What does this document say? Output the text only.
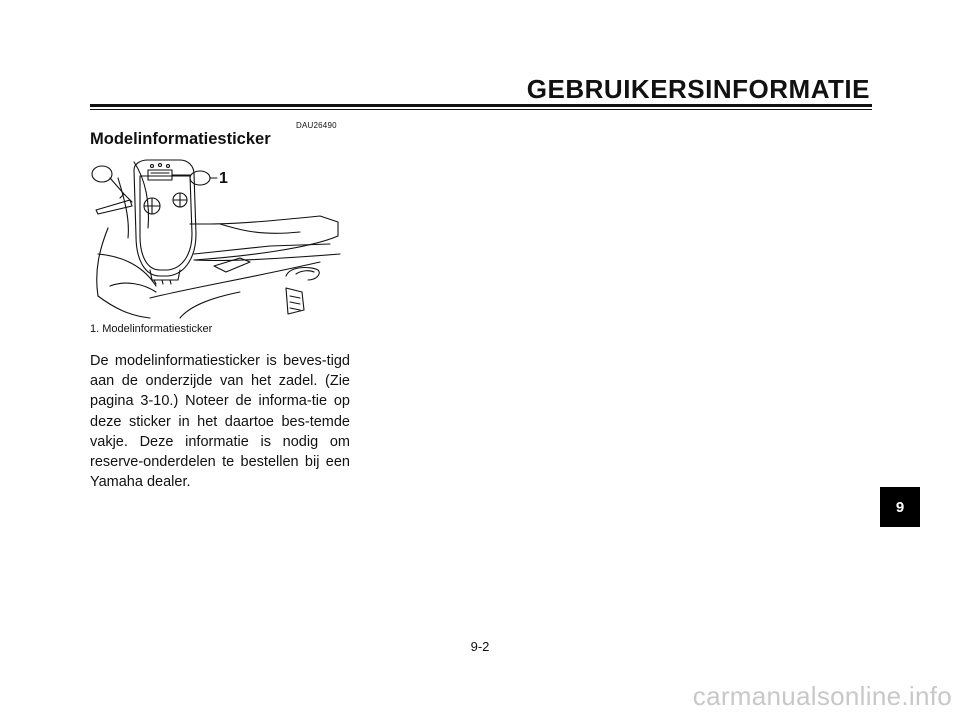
GEBRUIKERSINFORMATIE
DAU26490
Modelinformatiesticker
1
1. Modelinformatiesticker

De modelinformatiesticker is beves-tigd aan de onderzijde van het zadel. (Zie pagina 3-10.) Noteer de informa-tie op deze sticker in het daartoe bes-temde vakje. Deze informatie is nodig om reserve-onderdelen te bestellen bij een Yamaha dealer.

9
9-2
carmanualsonline.info
